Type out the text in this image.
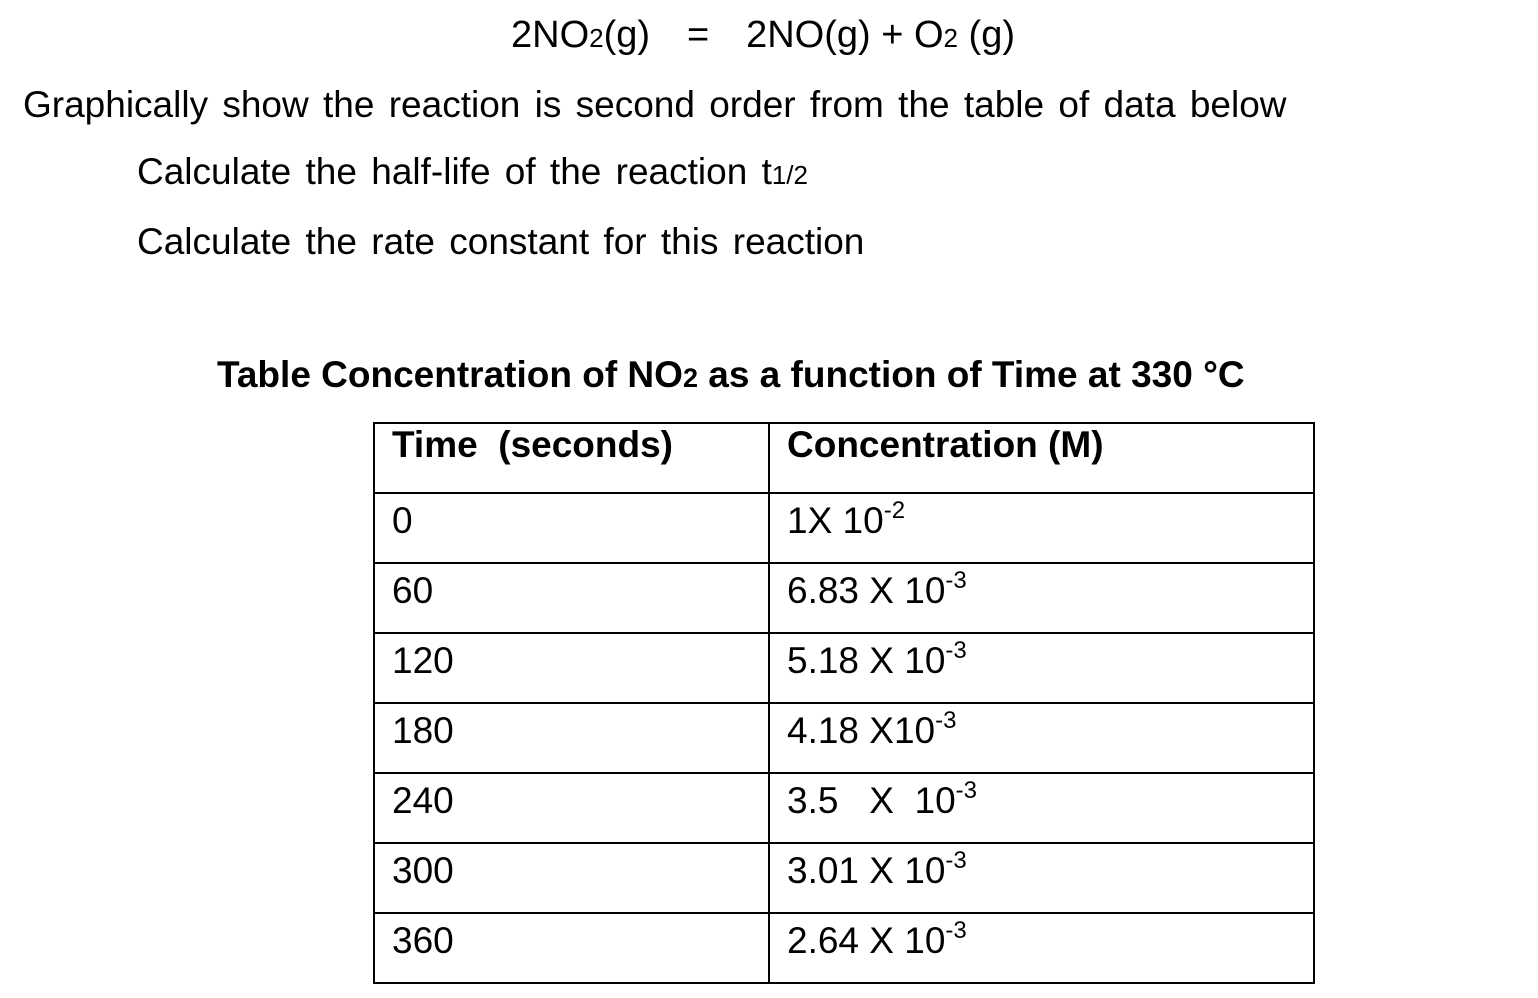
2NO2(g) = 2NO(g) + O2 (g)
Graphically show the reaction is second order from the table of data below
Calculate the half-life of the reaction t1/2
Calculate the rate constant for this reaction
Table Concentration of NO2 as a function of Time at 330 °C
Time  (seconds)	Concentration (M)
0	1X $10^{-2}$
60	6.83 X $10^{-3}$
120	5.18 X $10^{-3}$
180	4.18 $X10^{-3}$
240	3.5   X  $10^{-3}$
300	3.01 X $10^{-3}$
360	2.64 X $10^{-3}$
